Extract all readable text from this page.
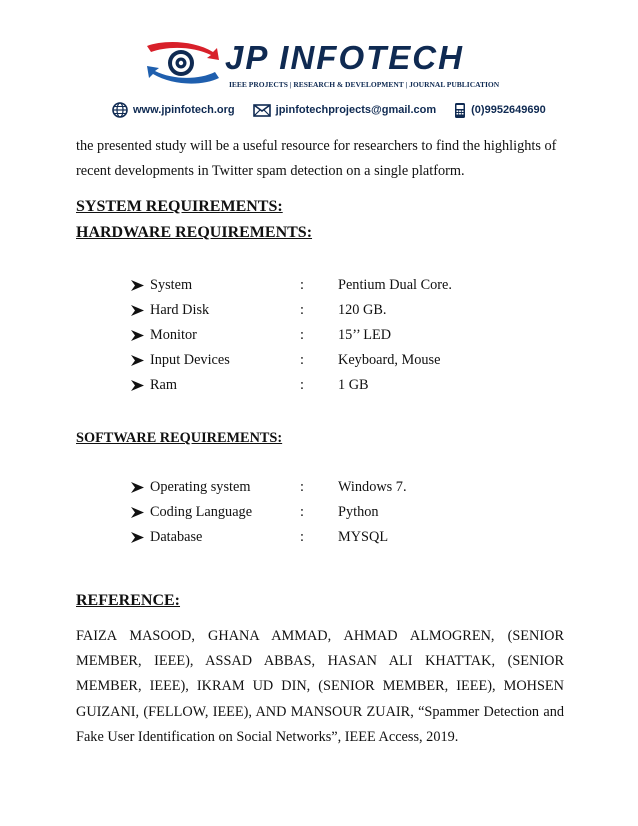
JP INFOTECH
IEEE PROJECTS | RESEARCH & DEVELOPMENT | JOURNAL PUBLICATION
www.jpinfotech.org	jpinfotechprojects@gmail.com	(0)9952649690
the presented study will be a useful resource for researchers to find the highlights of recent developments in Twitter spam detection on a single platform.
SYSTEM REQUIREMENTS:
HARDWARE REQUIREMENTS:
System	: Pentium Dual Core.
Hard Disk	: 120 GB.
Monitor	: 15’’ LED
Input Devices	: Keyboard, Mouse
Ram	: 1 GB
SOFTWARE REQUIREMENTS:
Operating system	: Windows 7.
Coding Language	: Python
Database	: MYSQL
REFERENCE:
FAIZA MASOOD, GHANA AMMAD, AHMAD ALMOGREN, (SENIOR MEMBER, IEEE), ASSAD ABBAS, HASAN ALI KHATTAK, (SENIOR MEMBER, IEEE), IKRAM UD DIN, (SENIOR MEMBER, IEEE), MOHSEN GUIZANI, (FELLOW, IEEE), AND MANSOUR ZUAIR, “Spammer Detection and Fake User Identification on Social Networks”, IEEE Access, 2019.
